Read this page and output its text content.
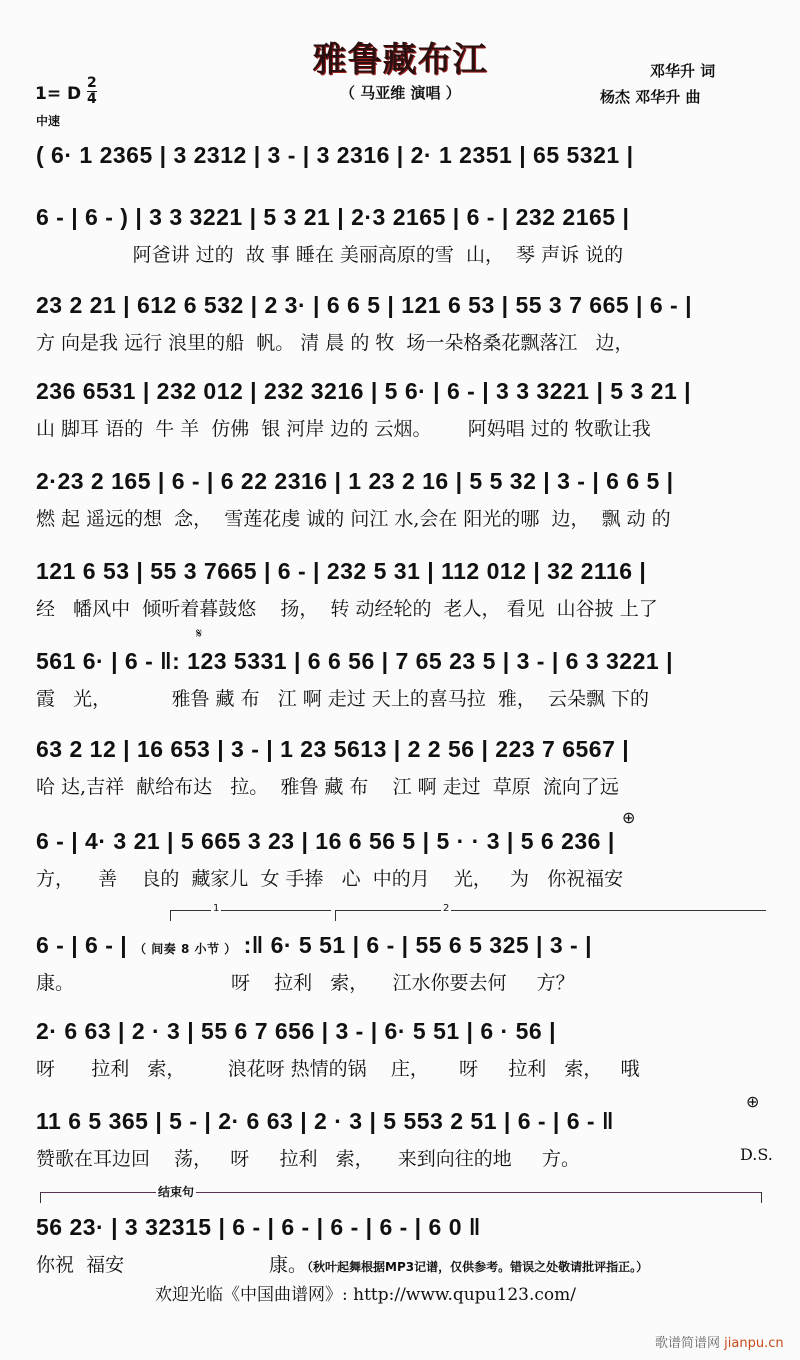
雅鲁藏布江
（ 马亚维 演唱 ）
邓华升 词
杨杰 邓华升 曲
1= D
2
4
中速
( 6· 1 2365 | 3 2312 | 3 - | 3 2316 | 2· 1 2351 | 65 5321 |
6 - | 6 - ) | 3 3 3221 | 5 3 21 | 2·3 2165 | 6 - | 232 2165 |
阿爸讲 过的  故 事 睡在 美丽高原的雪  山，  琴 声诉 说的
23 2 21 | 612 6 532 | 2 3· | 6 6 5 | 121 6 53 | 55 3 7 665 | 6 - |
方 向是我 远行 浪里的船  帆。 清 晨 的 牧  场一朵格桑花飘落江   边，
236 6531 | 232 012 | 232 3216 | 5 6· | 6 - | 3 3 3221 | 5 3 21 |
山 脚耳 语的  牛 羊  仿佛  银 河岸 边的 云烟。      阿妈唱 过的 牧歌让我
2·23 2 165 | 6 - | 6 22 2316 | 1 23 2 16 | 5 5 32 | 3 - | 6 6 5 |
燃 起 遥远的想  念，  雪莲花虔 诚的 问江 水,会在 阳光的哪  边，  飘 动 的
121 6 53 | 55 3 7665 | 6 - | 232 5 31 | 112 012 | 32 2116 |
经   幡风中  倾听着暮鼓悠    扬，  转 动经轮的  老人， 看见  山谷披 上了
𝄋
561 6· | 6 - ‖: 123 5331 | 6 6 56 | 7 65 23 5 | 3 - | 6 3 3221 |
霞   光，          雅鲁 藏 布   江 啊 走过 天上的喜马拉  雅，  云朵飘 下的
63 2 12 | 16 653 | 3 - | 1 23 5613 | 2 2 56 | 223 7 6567 |
哈 达,吉祥  献给布达   拉。  雅鲁 藏 布    江 啊 走过  草原  流向了远
⊕
6 - | 4· 3 21 | 5 665 3 23 | 16 6 56 5 | 5 · · 3 | 5 6 236 |
方，    善    良的  藏家儿  女 手捧   心  中的月    光，   为   你祝福安
1	2
6 - | 6 - | （ 间奏 8 小节 ） :‖ 6· 5 51 | 6 - | 55 6 5 325 | 3 - |
康。                          呀    拉利   索，    江水你要去何     方？
2· 6 63 | 2 · 3 | 55 6 7 656 | 3 - | 6· 5 51 | 6 · 56 |
呀      拉利   索，       浪花呀 热情的锅    庄，     呀     拉利   索，   哦
⊕
11 6 5 365 | 5 - | 2· 6 63 | 2 · 3 | 5 553 2 51 | 6 - | 6 - ‖
赞歌在耳边回    荡，   呀     拉利   索，    来到向往的地     方。	D.S.
结束句
56 23· | 3 32315 | 6 - | 6 - | 6 - | 6 - | 6 0 ‖
你祝  福安                        康。（秋叶起舞根据MP3记谱，仅供参考。错误之处敬请批评指正。）
欢迎光临《中国曲谱网》: http://www.qupu123.com/
歌谱简谱网 jianpu.cn
